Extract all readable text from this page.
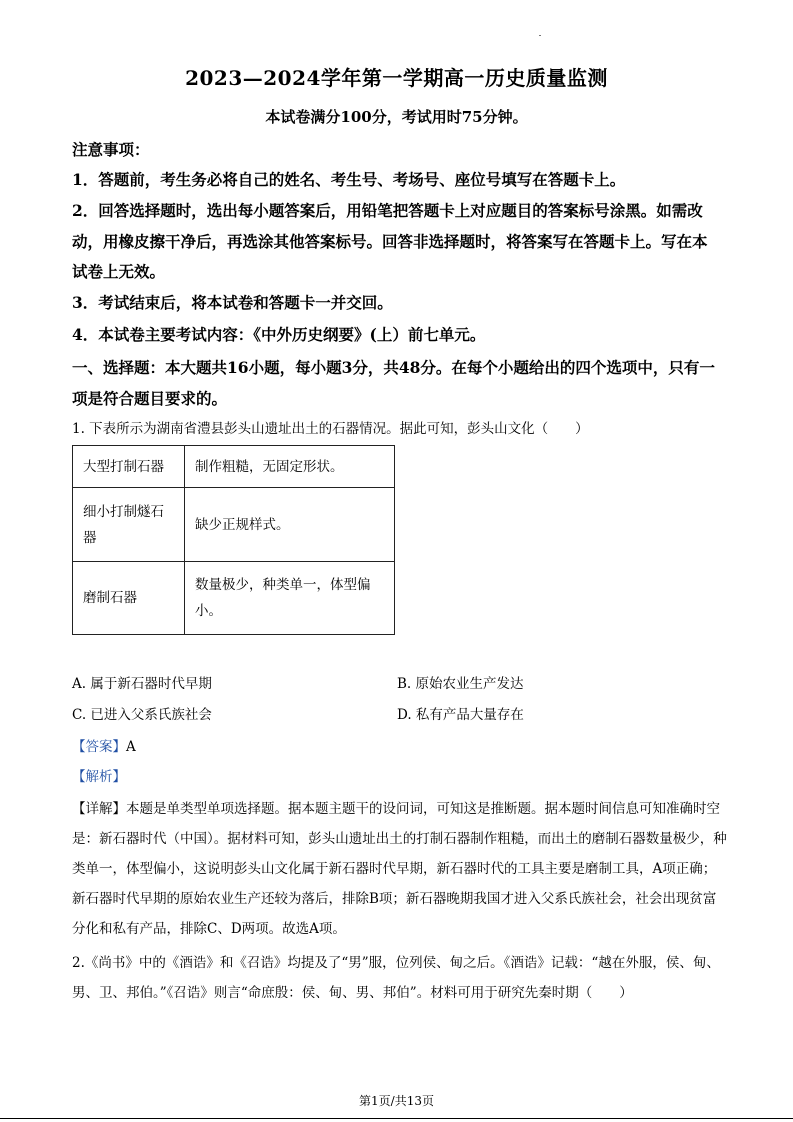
2023—2024学年第一学期高一历史质量监测
本试卷满分100分，考试用时75分钟。
注意事项：
1．答题前，考生务必将自己的姓名、考生号、考场号、座位号填写在答题卡上。
2．回答选择题时，选出每小题答案后，用铅笔把答题卡上对应题目的答案标号涂黑。如需改动，用橡皮擦干净后，再选涂其他答案标号。回答非选择题时，将答案写在答题卡上。写在本试卷上无效。
3．考试结束后，将本试卷和答题卡一并交回。
4．本试卷主要考试内容：《中外历史纲要》(上）前七单元。
一、选择题：本大题共16小题，每小题3分，共48分。在每个小题给出的四个选项中，只有一项是符合题目要求的。
1. 下表所示为湖南省澧县彭头山遗址出土的石器情况。据此可知，彭头山文化（　　）
大型打制石器	制作粗糙，无固定形状。
细小打制燧石器	缺少正规样式。
磨制石器	数量极少，种类单一，体型偏小。
A. 属于新石器时代早期	B. 原始农业生产发达
C. 已进入父系氏族社会	D. 私有产品大量存在
【答案】A
【解析】
【详解】本题是单类型单项选择题。据本题主题干的设问词，可知这是推断题。据本题时间信息可知准确时空是：新石器时代（中国）。据材料可知，彭头山遗址出土的打制石器制作粗糙，而出土的磨制石器数量极少，种类单一，体型偏小，这说明彭头山文化属于新石器时代早期，新石器时代的工具主要是磨制工具，A项正确；新石器时代早期的原始农业生产还较为落后，排除B项；新石器晚期我国才进入父系氏族社会，社会出现贫富分化和私有产品，排除C、D两项。故选A项。
2.《尚书》中的《酒诰》和《召诰》均提及了“男”服，位列侯、甸之后。《酒诰》记载：“越在外服，侯、甸、男、卫、邦伯。”《召诰》则言“命庶殷：侯、甸、男、邦伯”。材料可用于研究先秦时期（　　）
第1页/共13页
